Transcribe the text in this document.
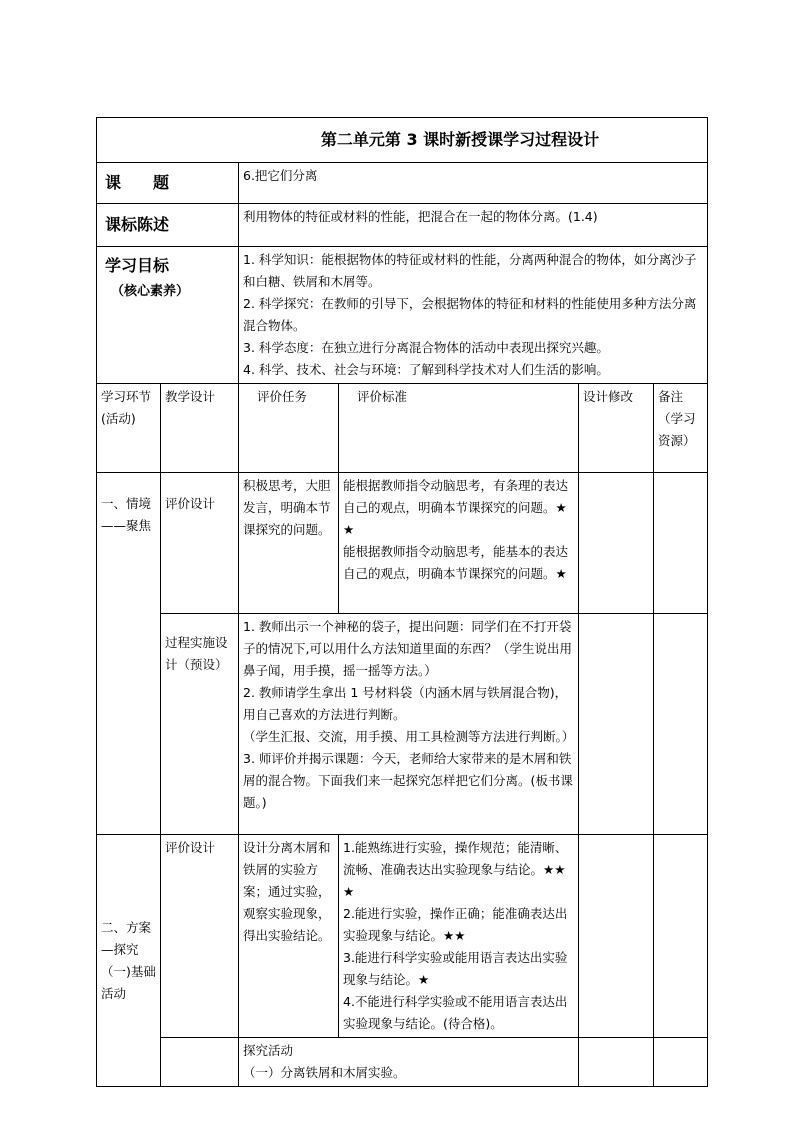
第二单元第 3 课时新授课学习过程设计					
课　　题		6.把它们分离			
课标陈述		利用物体的特征或材料的性能，把混合在一起的物体分离。(1.4)			
学习目标
（核心素养）		1. 科学知识：能根据物体的特征或材料的性能，分离两种混合的物体，如分离沙子和白糖、铁屑和木屑等。
2. 科学探究：在教师的引导下，会根据物体的特征和材料的性能使用多种方法分离混合物体。
3. 科学态度：在独立进行分离混合物体的活动中表现出探究兴趣。
4. 科学、技术、社会与环境：了解到科学技术对人们生活的影响。			

学习环节(活动)	教学设计	评价任务	评价标准	设计修改	备注（学习资源）
一、情境——聚焦	评价设计	积极思考，大胆发言，明确本节课探究的问题。	能根据教师指令动脑思考，有条理的表达自己的观点，明确本节课探究的问题。★★
能根据教师指令动脑思考，能基本的表达自己的观点，明确本节课探究的问题。★		

	过程实施设计（预设）	1. 教师出示一个神秘的袋子，提出问题：同学们在不打开袋子的情况下,可以用什么方法知道里面的东西？（学生说出用鼻子闻，用手摸，摇一摇等方法。）
2. 教师请学生拿出 1 号材料袋（内涵木屑与铁屑混合物)，用自己喜欢的方法进行判断。
（学生汇报、交流，用手摸、用工具检测等方法进行判断。）
3. 师评价并揭示课题：今天，老师给大家带来的是木屑和铁屑的混合物。下面我们来一起探究怎样把它们分离。(板书课题。)			

二、方案—探究（一)基础活动	评价设计	设计分离木屑和铁屑的实验方案；通过实验，观察实验现象，得出实验结论。	1.能熟练进行实验，操作规范；能清晰、流畅、准确表达出实验现象与结论。★★★
2.能进行实验，操作正确；能准确表达出实验现象与结论。★★
3.能进行科学实验或能用语言表达出实验现象与结论。★
4.不能进行科学实验或不能用语言表达出实验现象与结论。(待合格)。		

		探究活动
（一）分离铁屑和木屑实验。			
